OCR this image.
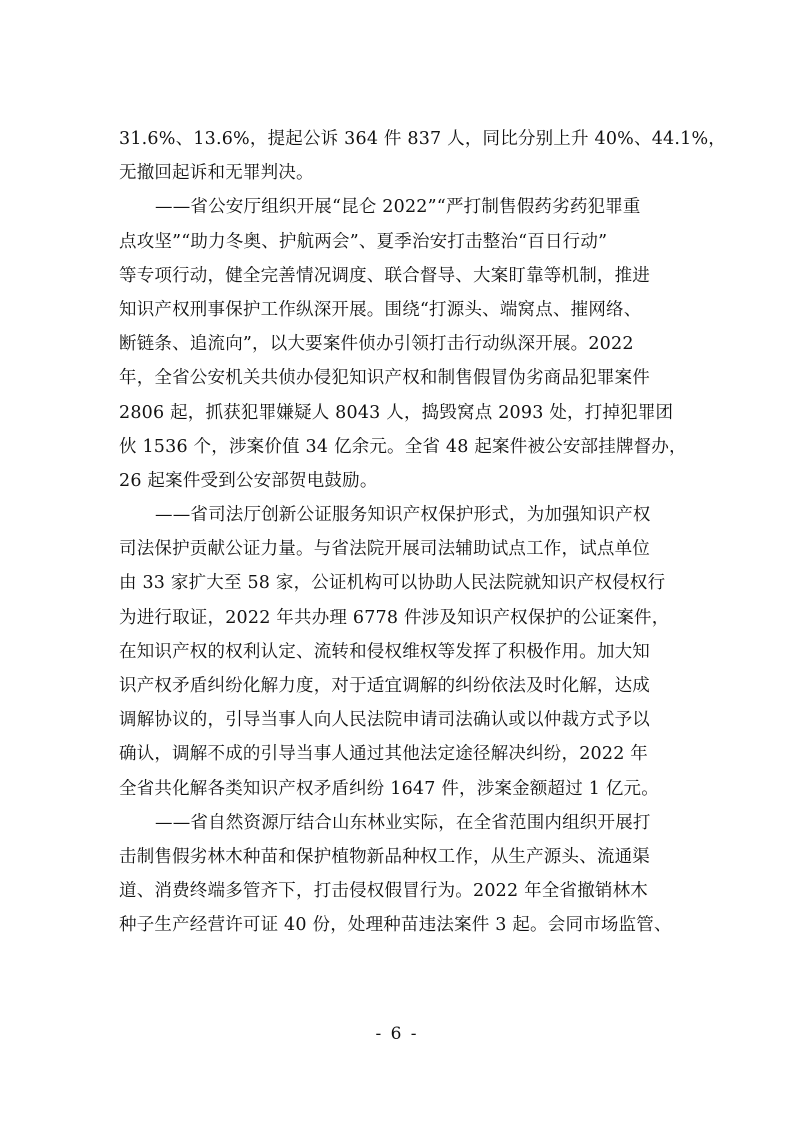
31.6%、13.6%，提起公诉 364 件 837 人，同比分别上升 40%、44.1%，
无撤回起诉和无罪判决。
——省公安厅组织开展“昆仑 2022”“严打制售假药劣药犯罪重
点攻坚”“助力冬奥、护航两会”、夏季治安打击整治“百日行动”
等专项行动，健全完善情况调度、联合督导、大案盯靠等机制，推进
知识产权刑事保护工作纵深开展。围绕“打源头、端窝点、摧网络、
断链条、追流向”，以大要案件侦办引领打击行动纵深开展。2022
年，全省公安机关共侦办侵犯知识产权和制售假冒伪劣商品犯罪案件
2806 起，抓获犯罪嫌疑人 8043 人，捣毁窝点 2093 处，打掉犯罪团
伙 1536 个，涉案价值 34 亿余元。全省 48 起案件被公安部挂牌督办，
26 起案件受到公安部贺电鼓励。
——省司法厅创新公证服务知识产权保护形式，为加强知识产权
司法保护贡献公证力量。与省法院开展司法辅助试点工作，试点单位
由 33 家扩大至 58 家，公证机构可以协助人民法院就知识产权侵权行
为进行取证，2022 年共办理 6778 件涉及知识产权保护的公证案件，
在知识产权的权利认定、流转和侵权维权等发挥了积极作用。加大知
识产权矛盾纠纷化解力度，对于适宜调解的纠纷依法及时化解，达成
调解协议的，引导当事人向人民法院申请司法确认或以仲裁方式予以
确认，调解不成的引导当事人通过其他法定途径解决纠纷，2022 年
全省共化解各类知识产权矛盾纠纷 1647 件，涉案金额超过 1 亿元。
——省自然资源厅结合山东林业实际，在全省范围内组织开展打
击制售假劣林木种苗和保护植物新品种权工作，从生产源头、流通渠
道、消费终端多管齐下，打击侵权假冒行为。2022 年全省撤销林木
种子生产经营许可证 40 份，处理种苗违法案件 3 起。会同市场监管、
- 6 -
